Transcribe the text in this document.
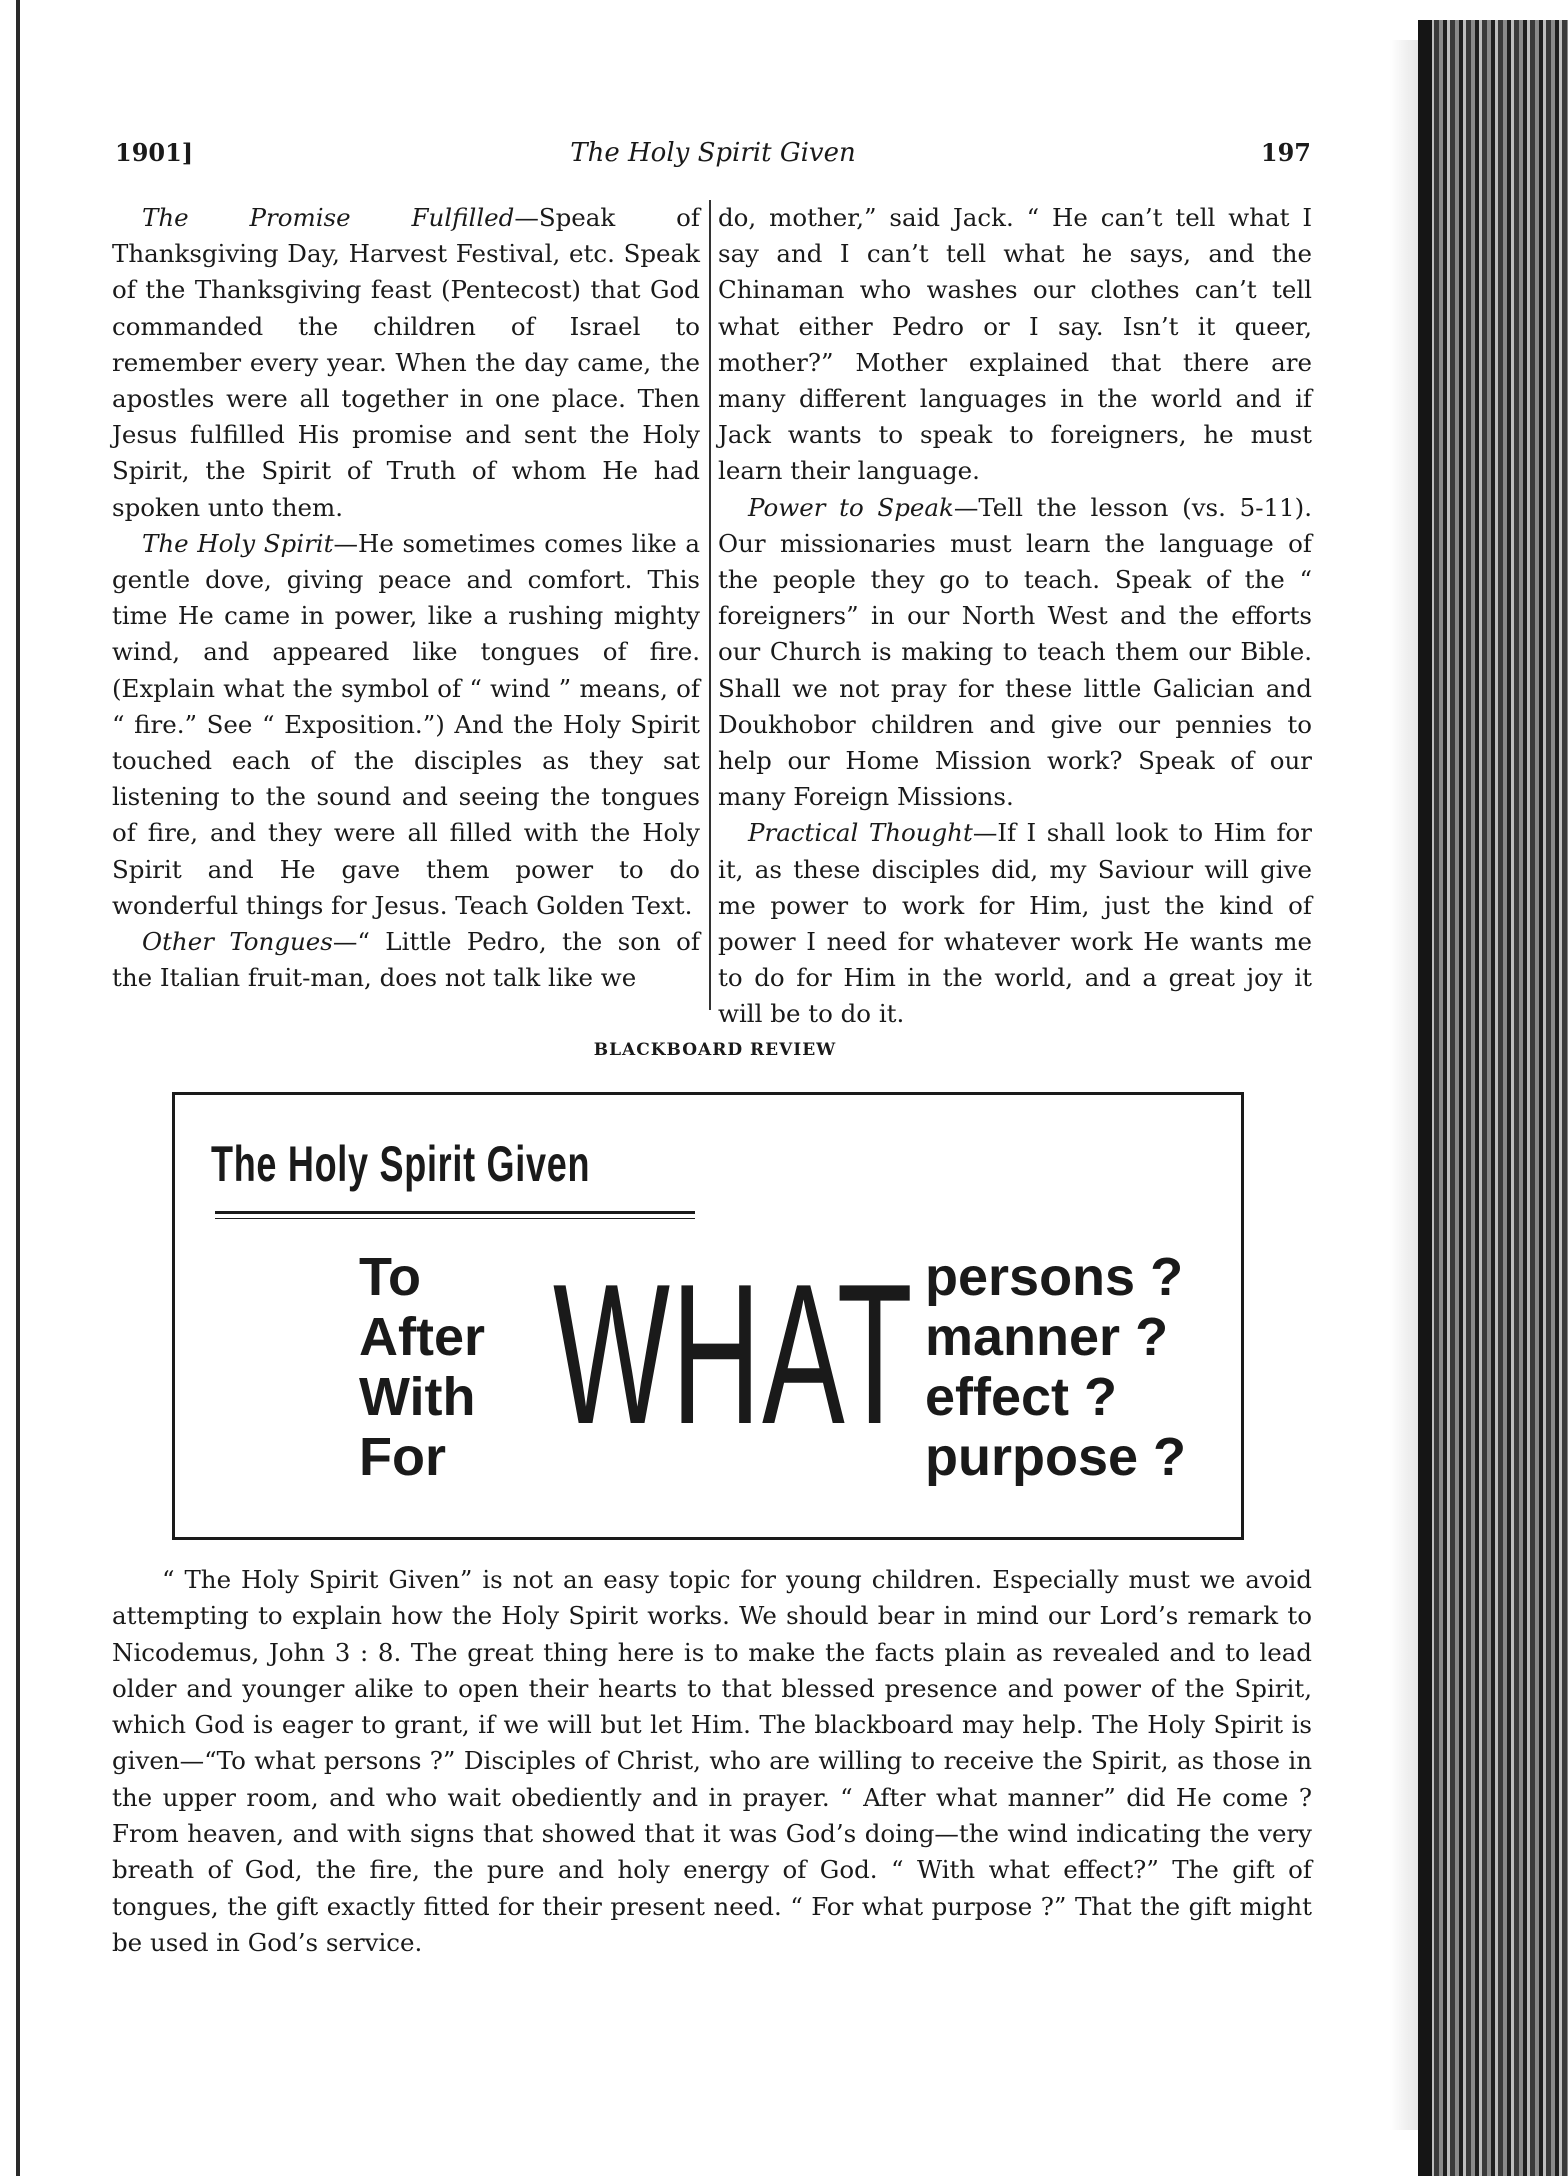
1901]	The Holy Spirit Given	197

The Promise Fulfilled—Speak of Thanksgiving Day, Harvest Festival, etc. Speak of the Thanksgiving feast (Pentecost) that God commanded the children of Israel to remember every year. When the day came, the apostles were all together in one place. Then Jesus fulfilled His promise and sent the Holy Spirit, the Spirit of Truth of whom He had spoken unto them.

The Holy Spirit—He sometimes comes like a gentle dove, giving peace and comfort. This time He came in power, like a rushing mighty wind, and appeared like tongues of fire. (Explain what the symbol of “ wind ” means, of “ fire.” See “ Exposition.”) And the Holy Spirit touched each of the disciples as they sat listening to the sound and seeing the tongues of fire, and they were all filled with the Holy Spirit and He gave them power to do wonderful things for Jesus. Teach Golden Text.

Other Tongues—“ Little Pedro, the son of the Italian fruit-man, does not talk like we

do, mother,” said Jack. “ He can’t tell what I say and I can’t tell what he says, and the Chinaman who washes our clothes can’t tell what either Pedro or I say. Isn’t it queer, mother?” Mother explained that there are many different languages in the world and if Jack wants to speak to foreigners, he must learn their language.

Power to Speak—Tell the lesson (vs. 5-11). Our missionaries must learn the language of the people they go to teach. Speak of the “ foreigners” in our North West and the efforts our Church is making to teach them our Bible. Shall we not pray for these little Galician and Doukhobor children and give our pennies to help our Home Mission work? Speak of our many Foreign Missions.

Practical Thought—If I shall look to Him for it, as these disciples did, my Saviour will give me power to work for Him, just the kind of power I need for whatever work He wants me to do for Him in the world, and a great joy it will be to do it.

BLACKBOARD REVIEW
The Holy Spirit Given
To
After
With
For WHAT persons ?
manner ?
effect ?
purpose ?

“ The Holy Spirit Given” is not an easy topic for young children. Especially must we avoid attempting to explain how the Holy Spirit works. We should bear in mind our Lord’s remark to Nicodemus, John 3 : 8. The great thing here is to make the facts plain as revealed and to lead older and younger alike to open their hearts to that blessed presence and power of the Spirit, which God is eager to grant, if we will but let Him. The blackboard may help. The Holy Spirit is given—“To what persons ?” Disciples of Christ, who are willing to receive the Spirit, as those in the upper room, and who wait obediently and in prayer. “ After what manner” did He come ? From heaven, and with signs that showed that it was God’s doing—the wind indicating the very breath of God, the fire, the pure and holy energy of God. “ With what effect?” The gift of tongues, the gift exactly fitted for their present need. “ For what purpose ?” That the gift might be used in God’s service.
